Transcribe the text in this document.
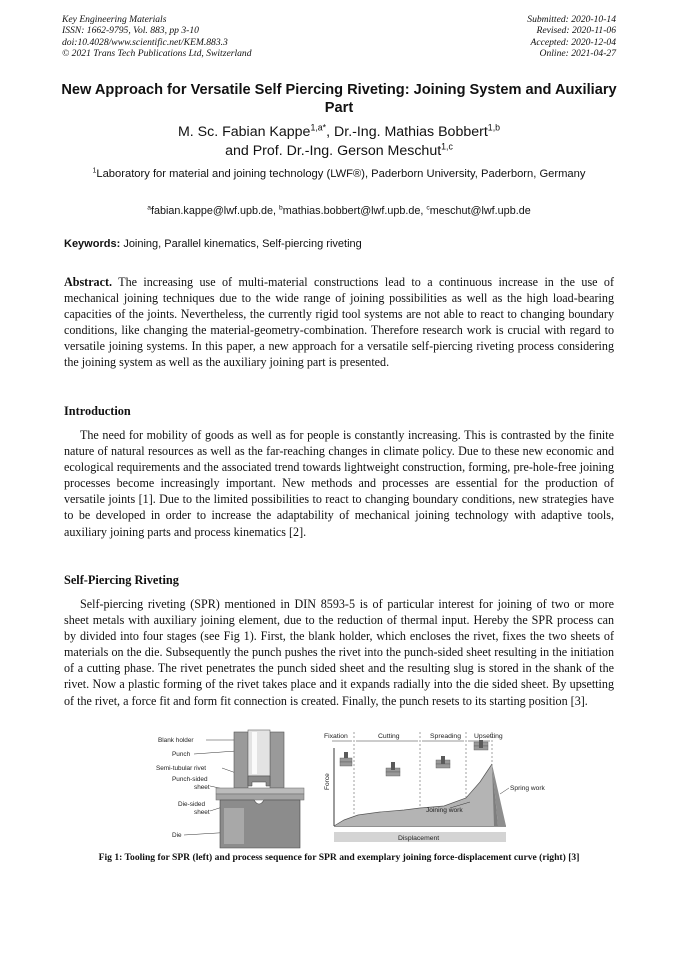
Key Engineering Materials
ISSN: 1662-9795, Vol. 883, pp 3-10
doi:10.4028/www.scientific.net/KEM.883.3
© 2021 Trans Tech Publications Ltd, Switzerland
Submitted: 2020-10-14
Revised: 2020-11-06
Accepted: 2020-12-04
Online: 2021-04-27
New Approach for Versatile Self Piercing Riveting: Joining System and Auxiliary Part
M. Sc. Fabian Kappe$^{1,a*}$, Dr.-Ing. Mathias Bobbert$^{1,b}$
and Prof. Dr.-Ing. Gerson Meschut$^{1,c}$
$^1$Laboratory for material and joining technology (LWF®), Paderborn University, Paderborn, Germany
$^a$fabian.kappe@lwf.upb.de, $^b$mathias.bobbert@lwf.upb.de, $^c$meschut@lwf.upb.de
Keywords: Joining, Parallel kinematics, Self-piercing riveting

Abstract. The increasing use of multi-material constructions lead to a continuous increase in the use of mechanical joining techniques due to the wide range of joining possibilities as well as the high load-bearing capacities of the joints. Nevertheless, the currently rigid tool systems are not able to react to changing boundary conditions, like changing the material-geometry-combination. Therefore research work is crucial with regard to versatile joining systems. In this paper, a new approach for a versatile self-piercing riveting process considering the joining system as well as the auxiliary joining part is presented.

Introduction

The need for mobility of goods as well as for people is constantly increasing. This is contrasted by the finite nature of natural resources as well as the far-reaching changes in climate policy. Due to these new economic and ecological requirements and the associated trend towards lightweight construction, forming, pre-hole-free joining processes become increasingly important. New methods and processes are essential for the production of versatile joints [1]. Due to the limited possibilities to react to changing boundary conditions, new strategies have to be developed in order to increase the adaptability of mechanical joining technology with adaptive tools, auxiliary joining parts and process kinematics [2].

Self-Piercing Riveting

Self-piercing riveting (SPR) mentioned in DIN 8593-5 is of particular interest for joining of two or more sheet metals with auxiliary joining element, due to the reduction of thermal input. Hereby the SPR process can by divided into four stages (see Fig 1). First, the blank holder, which encloses the rivet, fixes the two sheets of materials on the die. Subsequently the punch pushes the rivet into the punch-sided sheet resulting in the initiation of a cutting phase. The rivet penetrates the punch sided sheet and the resulting slug is stored in the shank of the rivet. Now a plastic forming of the rivet takes place and it expands radially into the die sided sheet. By upsetting of the rivet, a force fit and form fit connection is created. Finally, the punch resets to its starting position [3].

Blank holder
Punch
Semi-tubular rivet
Punch-sided
sheet
Die-sided
sheet
Die
Fixation	Cutting	Spreading Upsetting
Force
Joining work
Spring work
Displacement
Fig 1: Tooling for SPR (left) and process sequence for SPR and exemplary joining force-displacement curve (right) [3]
